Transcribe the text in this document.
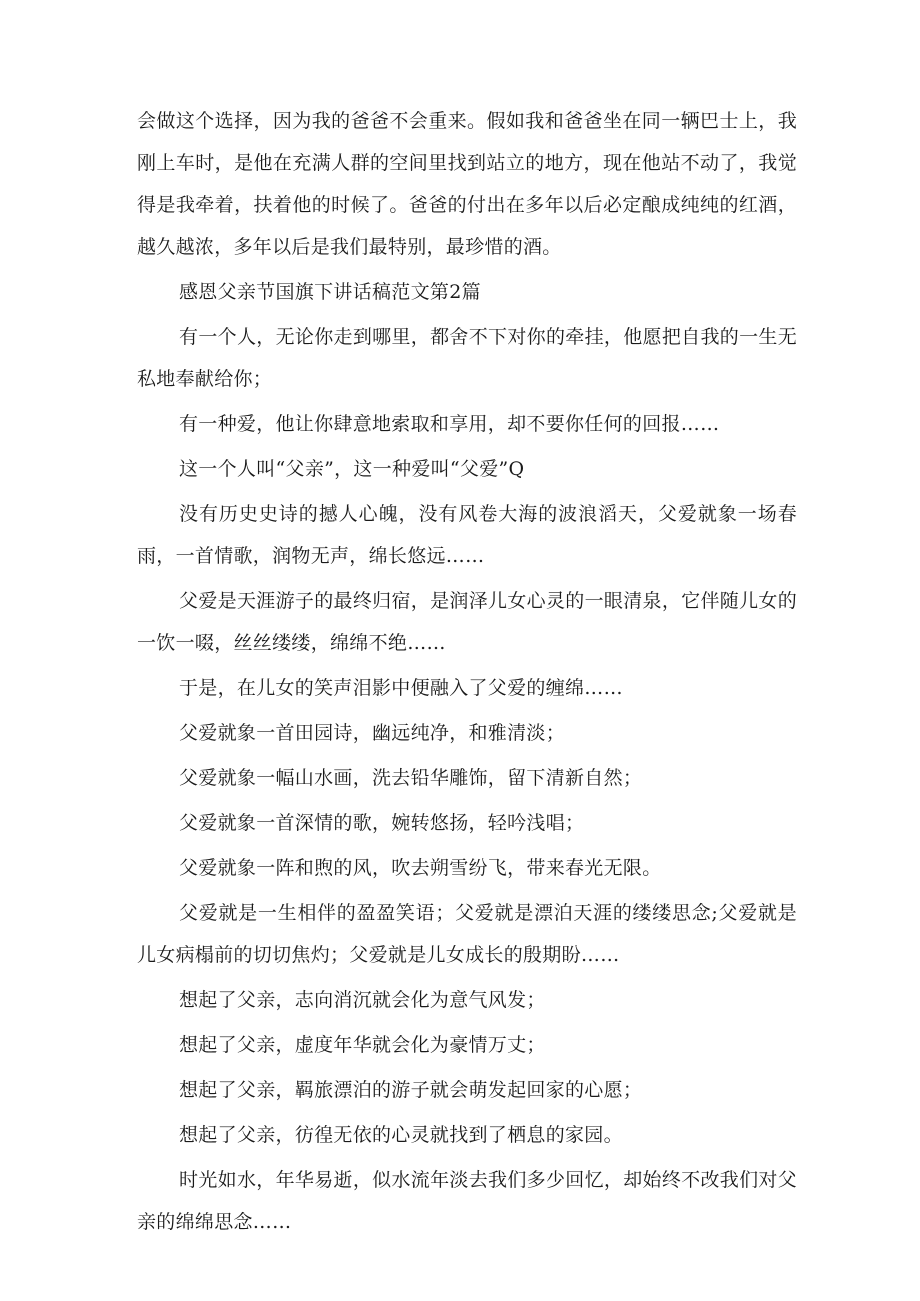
会做这个选择，因为我的爸爸不会重来。假如我和爸爸坐在同一辆巴士上，我刚上车时，是他在充满人群的空间里找到站立的地方，现在他站不动了，我觉得是我牵着，扶着他的时候了。爸爸的付出在多年以后必定酿成纯纯的红酒，越久越浓，多年以后是我们最特别，最珍惜的酒。

感恩父亲节国旗下讲话稿范文第2篇

有一个人，无论你走到哪里，都舍不下对你的牵挂，他愿把自我的一生无私地奉献给你；

有一种爱，他让你肆意地索取和享用，却不要你任何的回报……

这一个人叫“父亲”，这一种爱叫“父爱”Q

没有历史史诗的撼人心魄，没有风卷大海的波浪滔天，父爱就象一场春雨，一首情歌，润物无声，绵长悠远……

父爱是天涯游子的最终归宿，是润泽儿女心灵的一眼清泉，它伴随儿女的一饮一啜，丝丝缕缕，绵绵不绝……

于是，在儿女的笑声泪影中便融入了父爱的缠绵……

父爱就象一首田园诗，幽远纯净，和雅清淡；

父爱就象一幅山水画，洗去铅华雕饰，留下清新自然；

父爱就象一首深情的歌，婉转悠扬，轻吟浅唱；

父爱就象一阵和煦的风，吹去朔雪纷飞，带来春光无限。

父爱就是一生相伴的盈盈笑语；父爱就是漂泊天涯的缕缕思念;父爱就是儿女病榻前的切切焦灼；父爱就是儿女成长的殷期盼……

想起了父亲，志向消沉就会化为意气风发；

想起了父亲，虚度年华就会化为豪情万丈；

想起了父亲，羁旅漂泊的游子就会萌发起回家的心愿；

想起了父亲，彷徨无依的心灵就找到了栖息的家园。

时光如水，年华易逝，似水流年淡去我们多少回忆，却始终不改我们对父亲的绵绵思念……
